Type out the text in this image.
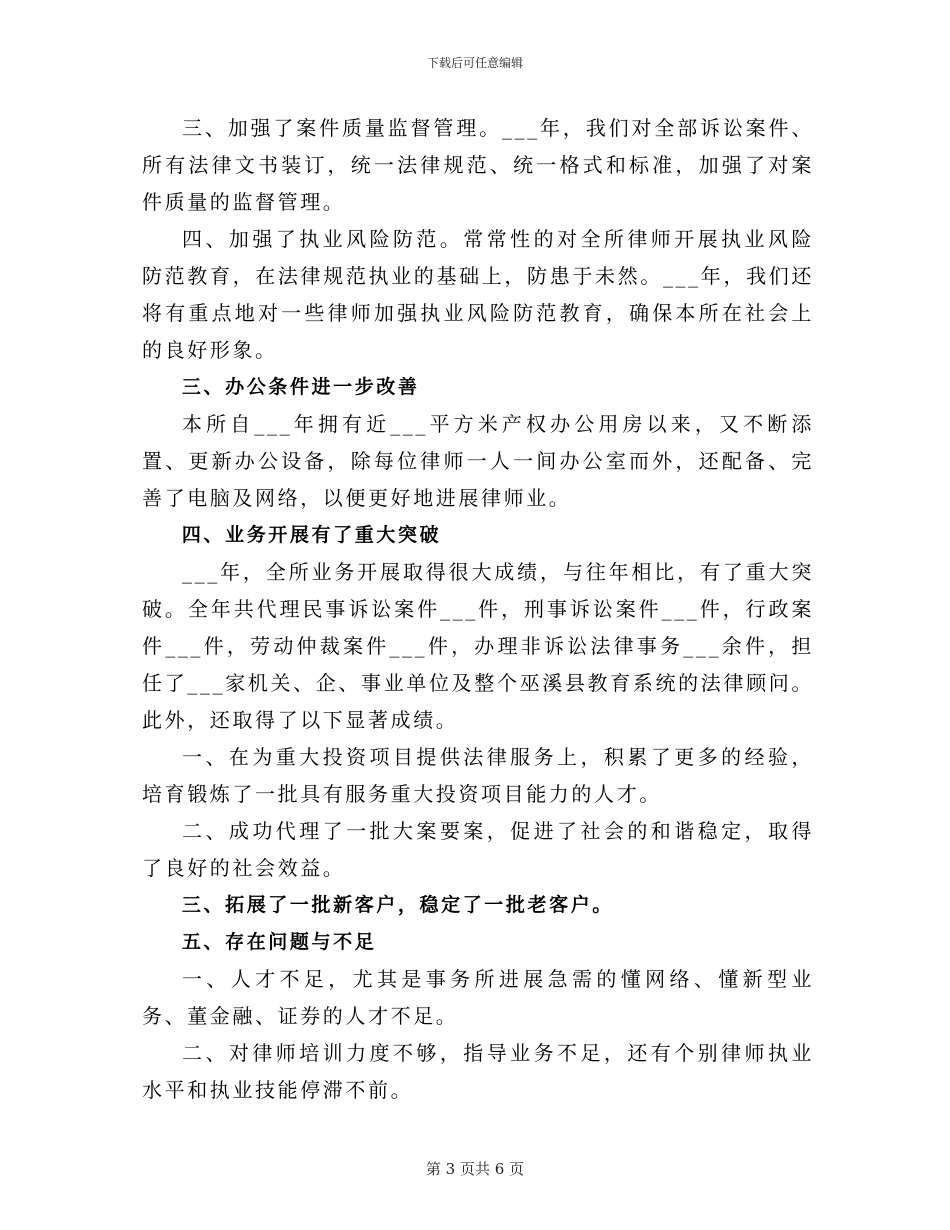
下载后可任意编辑

三、加强了案件质量监督管理。___年，我们对全部诉讼案件、所有法律文书装订，统一法律规范、统一格式和标准，加强了对案件质量的监督管理。

四、加强了执业风险防范。常常性的对全所律师开展执业风险防范教育，在法律规范执业的基础上，防患于未然。___年，我们还将有重点地对一些律师加强执业风险防范教育，确保本所在社会上的良好形象。

三、办公条件进一步改善

本所自___年拥有近___平方米产权办公用房以来，又不断添置、更新办公设备，除每位律师一人一间办公室而外，还配备、完善了电脑及网络，以便更好地进展律师业。

四、业务开展有了重大突破

___年，全所业务开展取得很大成绩，与往年相比，有了重大突破。全年共代理民事诉讼案件___件，刑事诉讼案件___件，行政案件___件，劳动仲裁案件___件，办理非诉讼法律事务___余件，担任了___家机关、企、事业单位及整个巫溪县教育系统的法律顾问。此外，还取得了以下显著成绩。

一、在为重大投资项目提供法律服务上，积累了更多的经验，培育锻炼了一批具有服务重大投资项目能力的人才。

二、成功代理了一批大案要案，促进了社会的和谐稳定，取得了良好的社会效益。

三、拓展了一批新客户，稳定了一批老客户。

五、存在问题与不足

一、人才不足，尤其是事务所进展急需的懂网络、懂新型业务、董金融、证券的人才不足。

二、对律师培训力度不够，指导业务不足，还有个别律师执业水平和执业技能停滞不前。

第 3 页共 6 页
